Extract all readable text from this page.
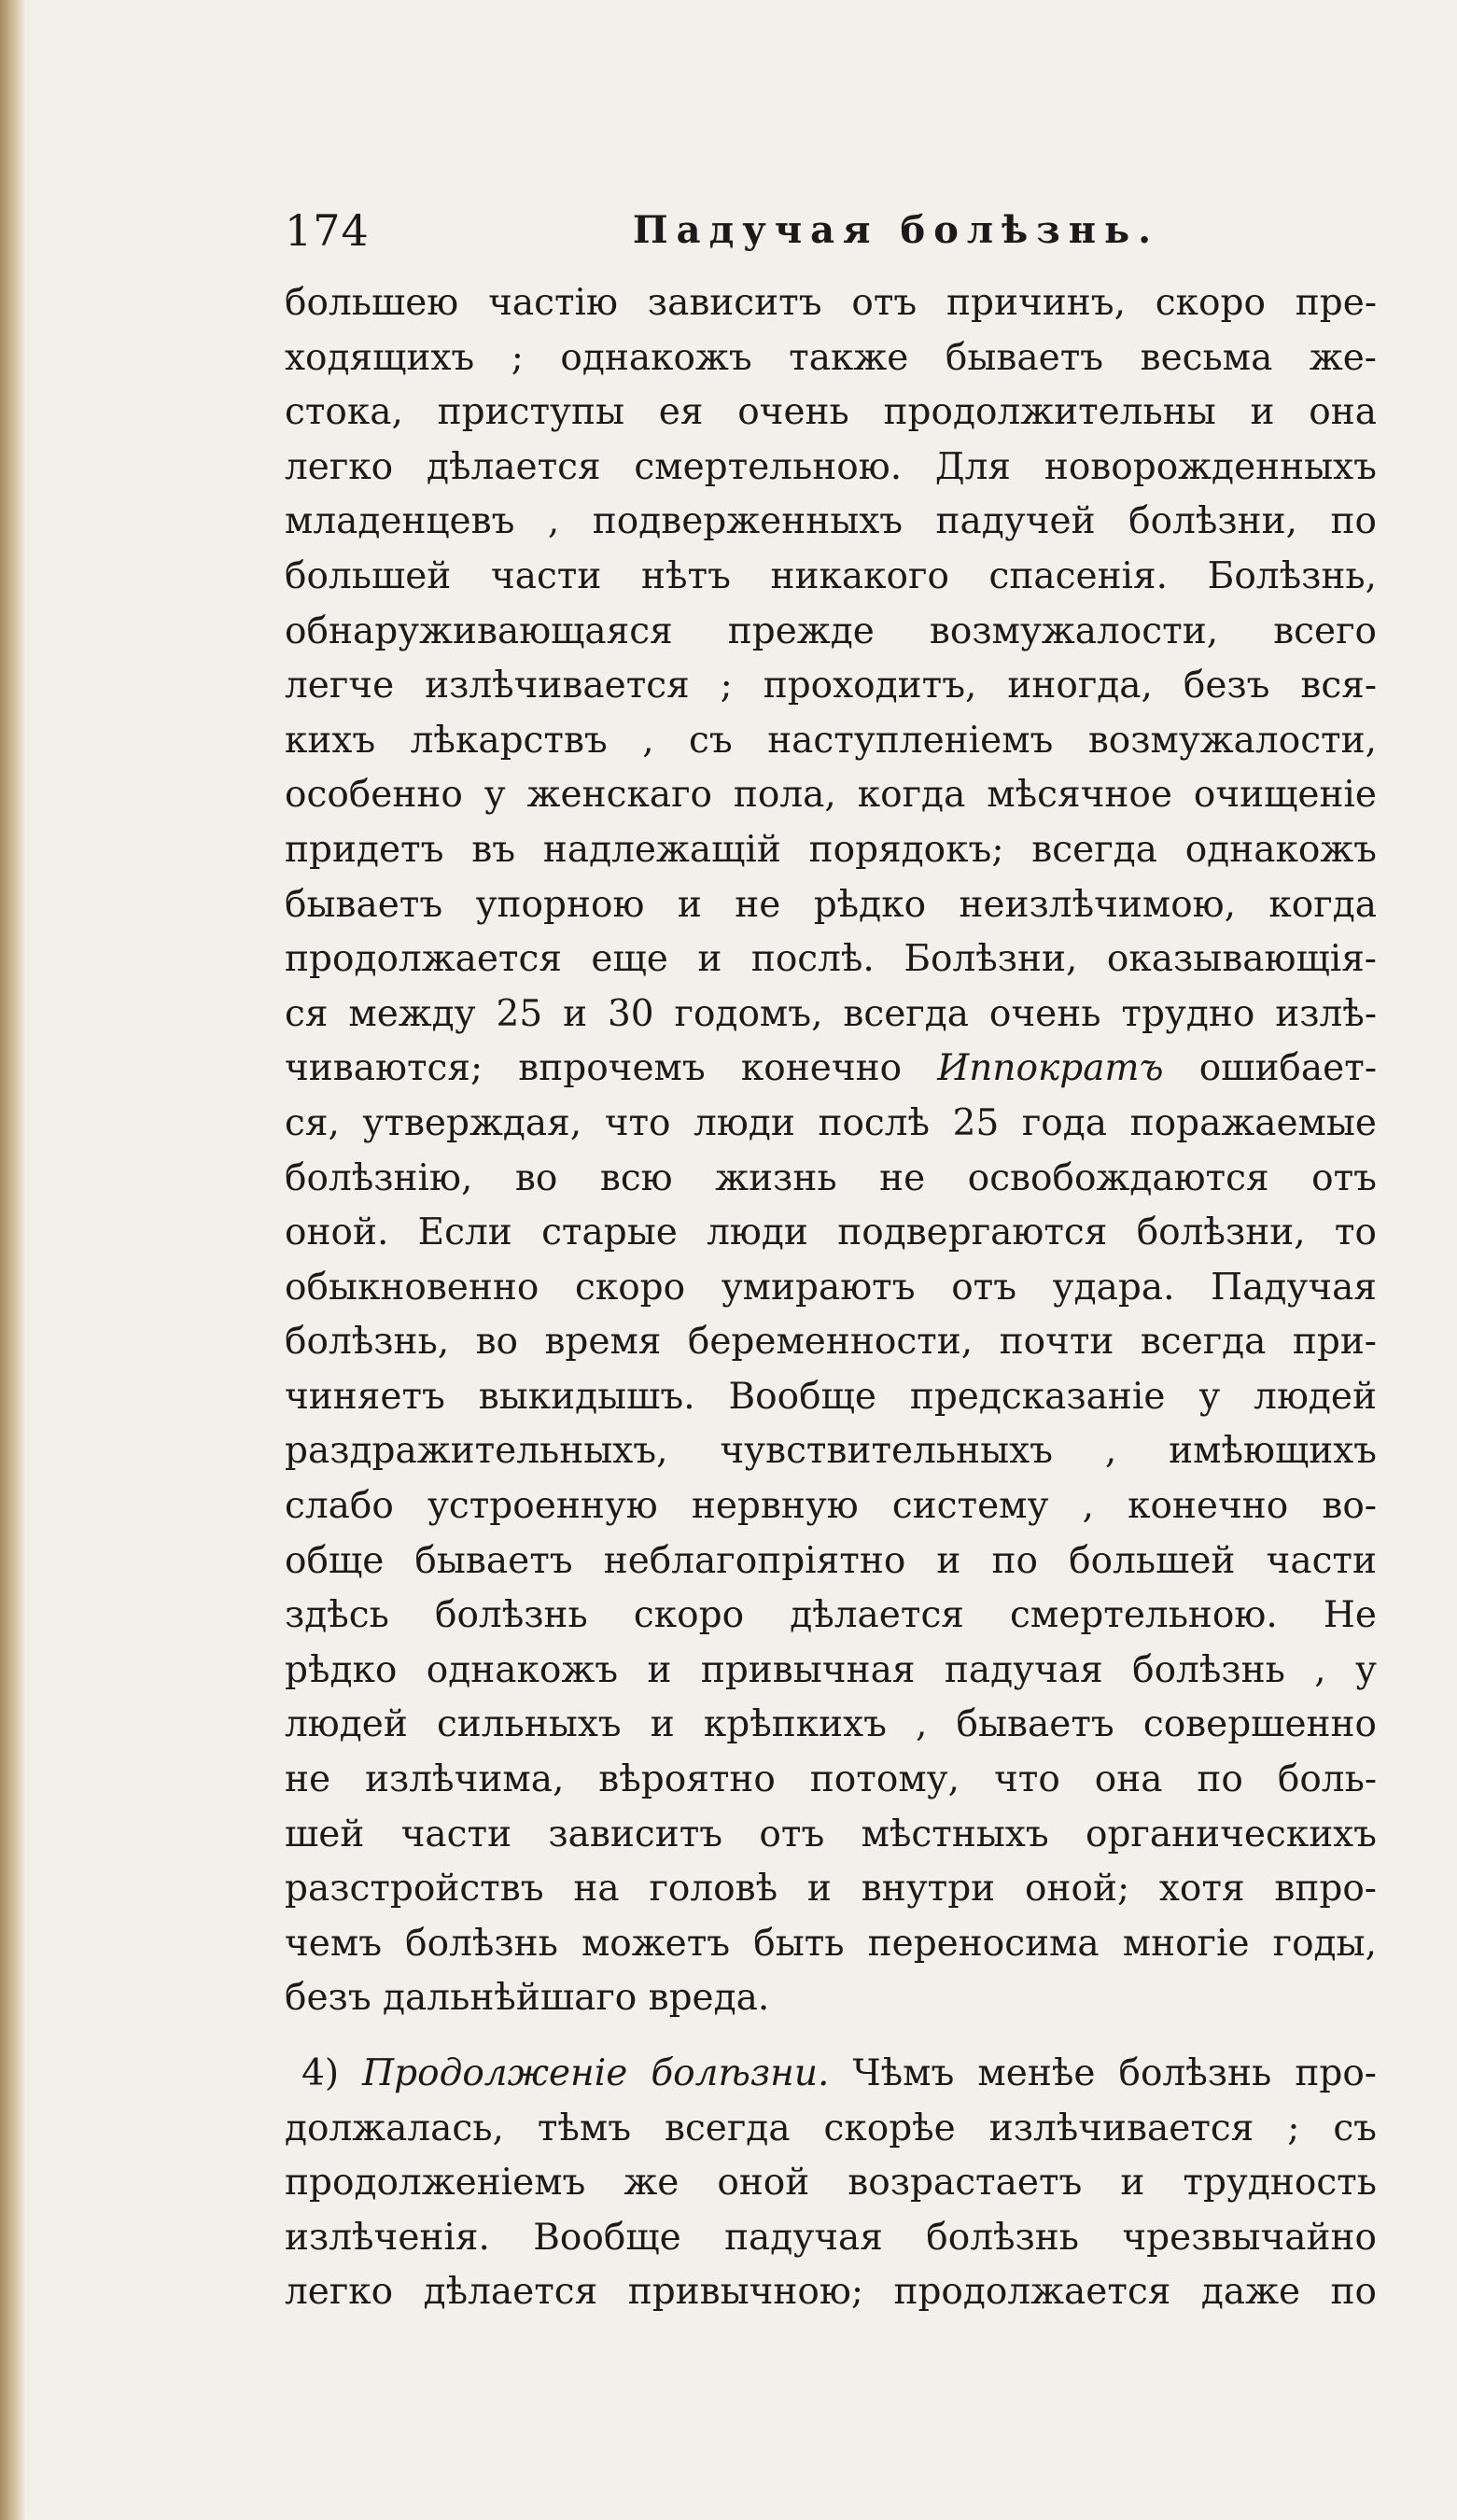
174	Падучая болѣзнь.
большею частію зависитъ отъ причинъ, скоро пре-
ходящихъ ; однакожъ также бываетъ весьма же-
стока, приступы ея очень продолжительны и она
легко дѣлается смертельною. Для новорожденныхъ
младенцевъ , подверженныхъ падучей болѣзни, по
большей части нѣтъ никакого спасенія. Болѣзнь,
обнаруживающаяся прежде возмужалости, всего
легче излѣчивается ; проходитъ, иногда, безъ вся-
кихъ лѣкарствъ , съ наступленіемъ возмужалости,
особенно у женскаго пола, когда мѣсячное очищеніе
придетъ въ надлежащій порядокъ; всегда однакожъ
бываетъ упорною и не рѣдко неизлѣчимою, когда
продолжается еще и послѣ. Болѣзни, оказывающія-
ся между 25 и 30 годомъ, всегда очень трудно излѣ-
чиваются; впрочемъ конечно Иппократъ ошибает-
ся, утверждая, что люди послѣ 25 года поражаемые
болѣзнію, во всю жизнь не освобождаются отъ
оной. Если старые люди подвергаются болѣзни, то
обыкновенно скоро умираютъ отъ удара. Падучая
болѣзнь, во время беременности, почти всегда при-
чиняетъ выкидышъ. Вообще предсказаніе у людей
раздражительныхъ, чувствительныхъ , имѣющихъ
слабо устроенную нервную систему , конечно во-
обще бываетъ неблагопріятно и по большей части
здѣсь болѣзнь скоро дѣлается смертельною. Не
рѣдко однакожъ и привычная падучая болѣзнь , у
людей сильныхъ и крѣпкихъ , бываетъ совершенно
не излѣчима, вѣроятно потому, что она по боль-
шей части зависитъ отъ мѣстныхъ органическихъ
разстройствъ на головѣ и внутри оной; хотя впро-
чемъ болѣзнь можетъ быть переносима многіе годы,
безъ дальнѣйшаго вреда.
4) Продолженіе болѣзни. Чѣмъ менѣе болѣзнь про-
должалась, тѣмъ всегда скорѣе излѣчивается ; съ
продолженіемъ же оной возрастаетъ и трудность
излѣченія. Вообще падучая болѣзнь чрезвычайно
легко дѣлается привычною; продолжается даже по
